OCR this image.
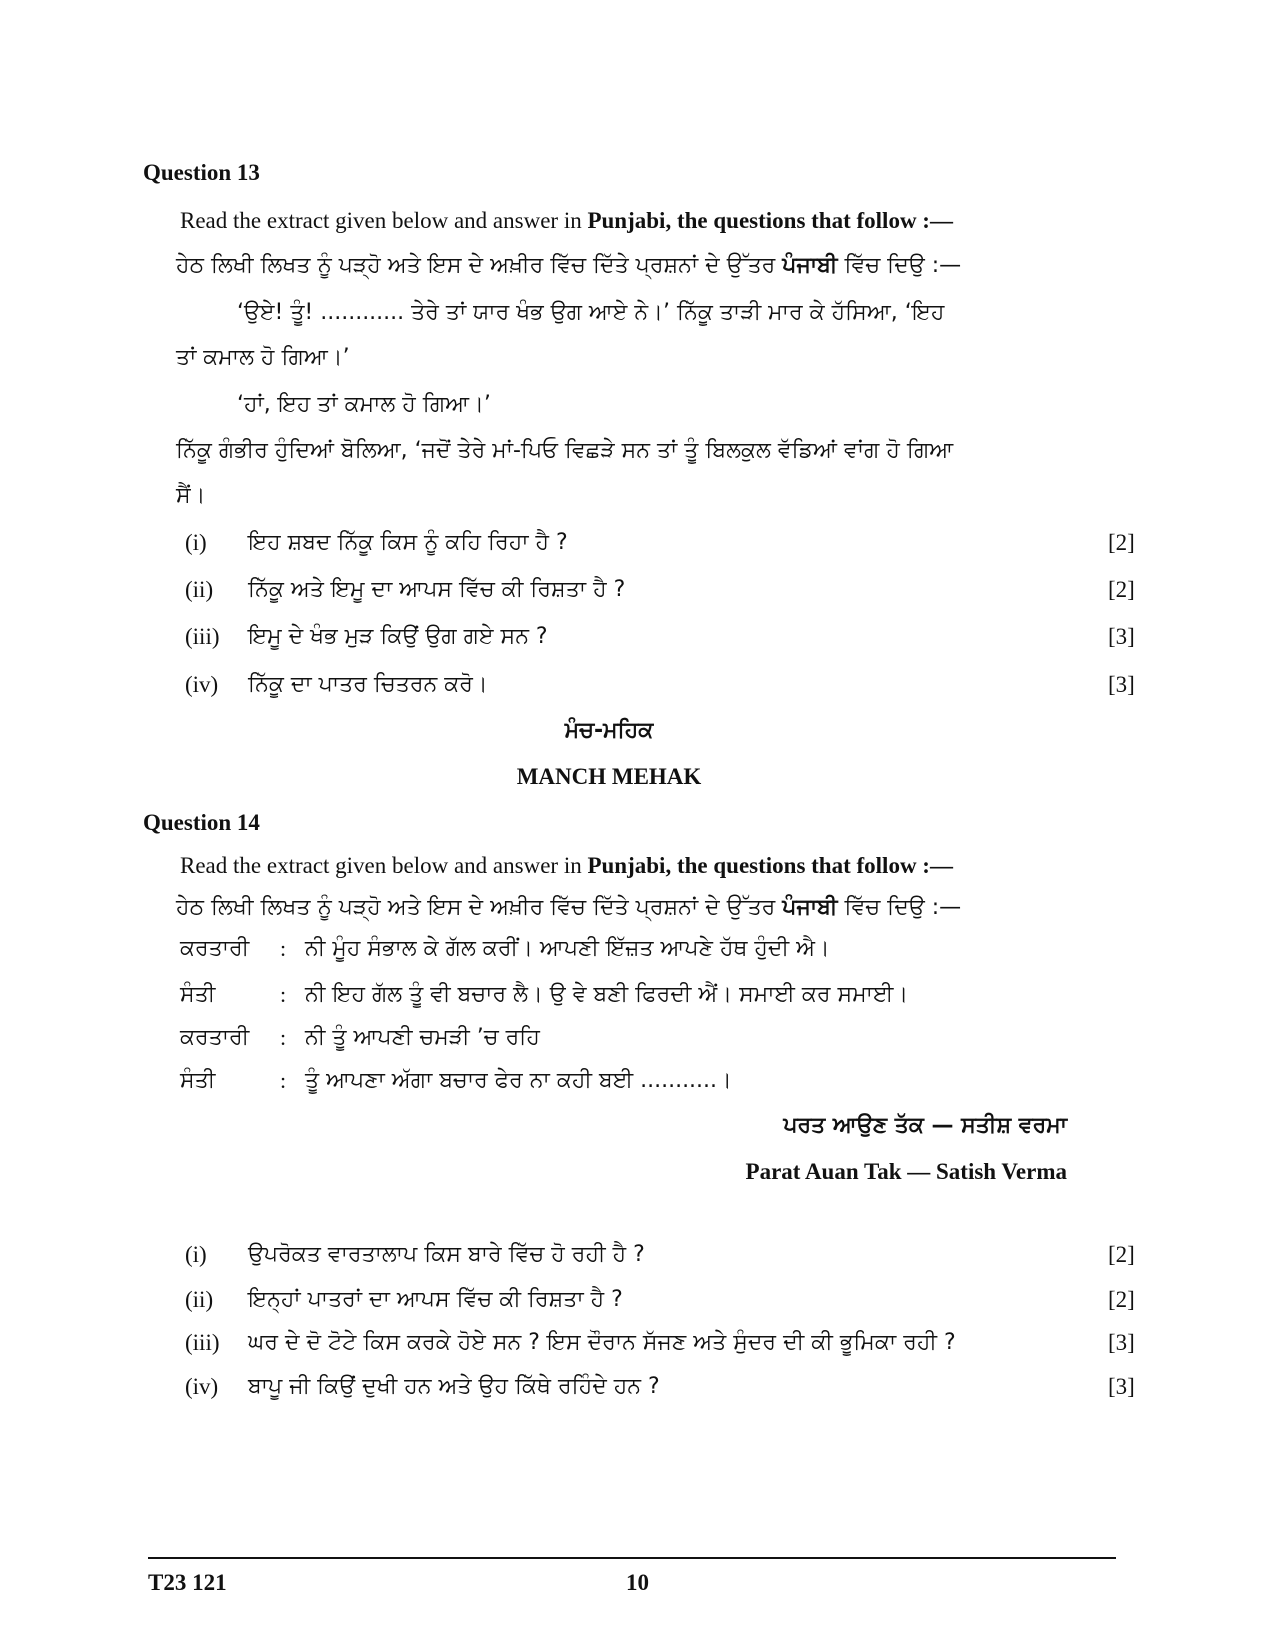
Question 13
Read the extract given below and answer in Punjabi, the questions that follow :—
ਹੇਠ ਲਿਖੀ ਲਿਖਤ ਨੂੰ ਪੜ੍ਹੋ ਅਤੇ ਇਸ ਦੇ ਅਖ਼ੀਰ ਵਿੱਚ ਦਿੱਤੇ ਪ੍ਰਸ਼ਨਾਂ ਦੇ ਉੱਤਰ ਪੰਜਾਬੀ ਵਿੱਚ ਦਿਉ :—
‘ਉਏ! ਤੂੰ! ............ ਤੇਰੇ ਤਾਂ ਯਾਰ ਖੰਭ ਉਗ ਆਏ ਨੇ।’ ਨਿੱਕੂ ਤਾੜੀ ਮਾਰ ਕੇ ਹੱਸਿਆ, ‘ਇਹ
ਤਾਂ ਕਮਾਲ ਹੋ ਗਿਆ।’
‘ਹਾਂ, ਇਹ ਤਾਂ ਕਮਾਲ ਹੋ ਗਿਆ।’
ਨਿੱਕੂ ਗੰਭੀਰ ਹੁੰਦਿਆਂ ਬੋਲਿਆ, ‘ਜਦੋਂ ਤੇਰੇ ਮਾਂ-ਪਿਓ ਵਿਛੜੇ ਸਨ ਤਾਂ ਤੂੰ ਬਿਲਕੁਲ ਵੱਡਿਆਂ ਵਾਂਗ ਹੋ ਗਿਆ
ਸੈਂ।
(i) ਇਹ ਸ਼ਬਦ ਨਿੱਕੂ ਕਿਸ ਨੂੰ ਕਹਿ ਰਿਹਾ ਹੈ ?	[2]
(ii) ਨਿੱਕੂ ਅਤੇ ਇਮੂ ਦਾ ਆਪਸ ਵਿੱਚ ਕੀ ਰਿਸ਼ਤਾ ਹੈ ?	[2]
(iii) ਇਮੂ ਦੇ ਖੰਭ ਮੁੜ ਕਿਉਂ ਉਗ ਗਏ ਸਨ ?	[3]
(iv) ਨਿੱਕੂ ਦਾ ਪਾਤਰ ਚਿਤਰਨ ਕਰੋ।	[3]
ਮੰਚ-ਮਹਿਕ
MANCH MEHAK
Question 14
Read the extract given below and answer in Punjabi, the questions that follow :—
ਹੇਠ ਲਿਖੀ ਲਿਖਤ ਨੂੰ ਪੜ੍ਹੋ ਅਤੇ ਇਸ ਦੇ ਅਖ਼ੀਰ ਵਿੱਚ ਦਿੱਤੇ ਪ੍ਰਸ਼ਨਾਂ ਦੇ ਉੱਤਰ ਪੰਜਾਬੀ ਵਿੱਚ ਦਿਉ :—
ਕਰਤਾਰੀ : ਨੀ ਮੂੰਹ ਸੰਭਾਲ ਕੇ ਗੱਲ ਕਰੀਂ। ਆਪਣੀ ਇੱਜ਼ਤ ਆਪਣੇ ਹੱਥ ਹੁੰਦੀ ਐ।
ਸੰਤੀ	: ਨੀ ਇਹ ਗੱਲ ਤੂੰ ਵੀ ਬਚਾਰ ਲੈ। ਉ ਵੇ ਬਣੀ ਫਿਰਦੀ ਐਂ। ਸਮਾਈ ਕਰ ਸਮਾਈ।
ਕਰਤਾਰੀ : ਨੀ ਤੂੰ ਆਪਣੀ ਚਮੜੀ ’ਚ ਰਹਿ
ਸੰਤੀ	: ਤੂੰ ਆਪਣਾ ਅੱਗਾ ਬਚਾਰ ਫੇਰ ਨਾ ਕਹੀ ਬਈ ...........।
ਪਰਤ ਆਉਣ ਤੱਕ — ਸਤੀਸ਼ ਵਰਮਾ
Parat Auan Tak — Satish Verma
(i) ਉਪਰੋਕਤ ਵਾਰਤਾਲਾਪ ਕਿਸ ਬਾਰੇ ਵਿੱਚ ਹੋ ਰਹੀ ਹੈ ?	[2]
(ii) ਇਨ੍ਹਾਂ ਪਾਤਰਾਂ ਦਾ ਆਪਸ ਵਿੱਚ ਕੀ ਰਿਸ਼ਤਾ ਹੈ ?	[2]
(iii) ਘਰ ਦੇ ਦੋ ਟੋਟੇ ਕਿਸ ਕਰਕੇ ਹੋਏ ਸਨ ? ਇਸ ਦੌਰਾਨ ਸੱਜਣ ਅਤੇ ਸੁੰਦਰ ਦੀ ਕੀ ਭੂਮਿਕਾ ਰਹੀ ?	[3]
(iv) ਬਾਪੂ ਜੀ ਕਿਉਂ ਦੁਖੀ ਹਨ ਅਤੇ ਉਹ ਕਿੱਥੇ ਰਹਿੰਦੇ ਹਨ ?	[3]
T23 121	10
